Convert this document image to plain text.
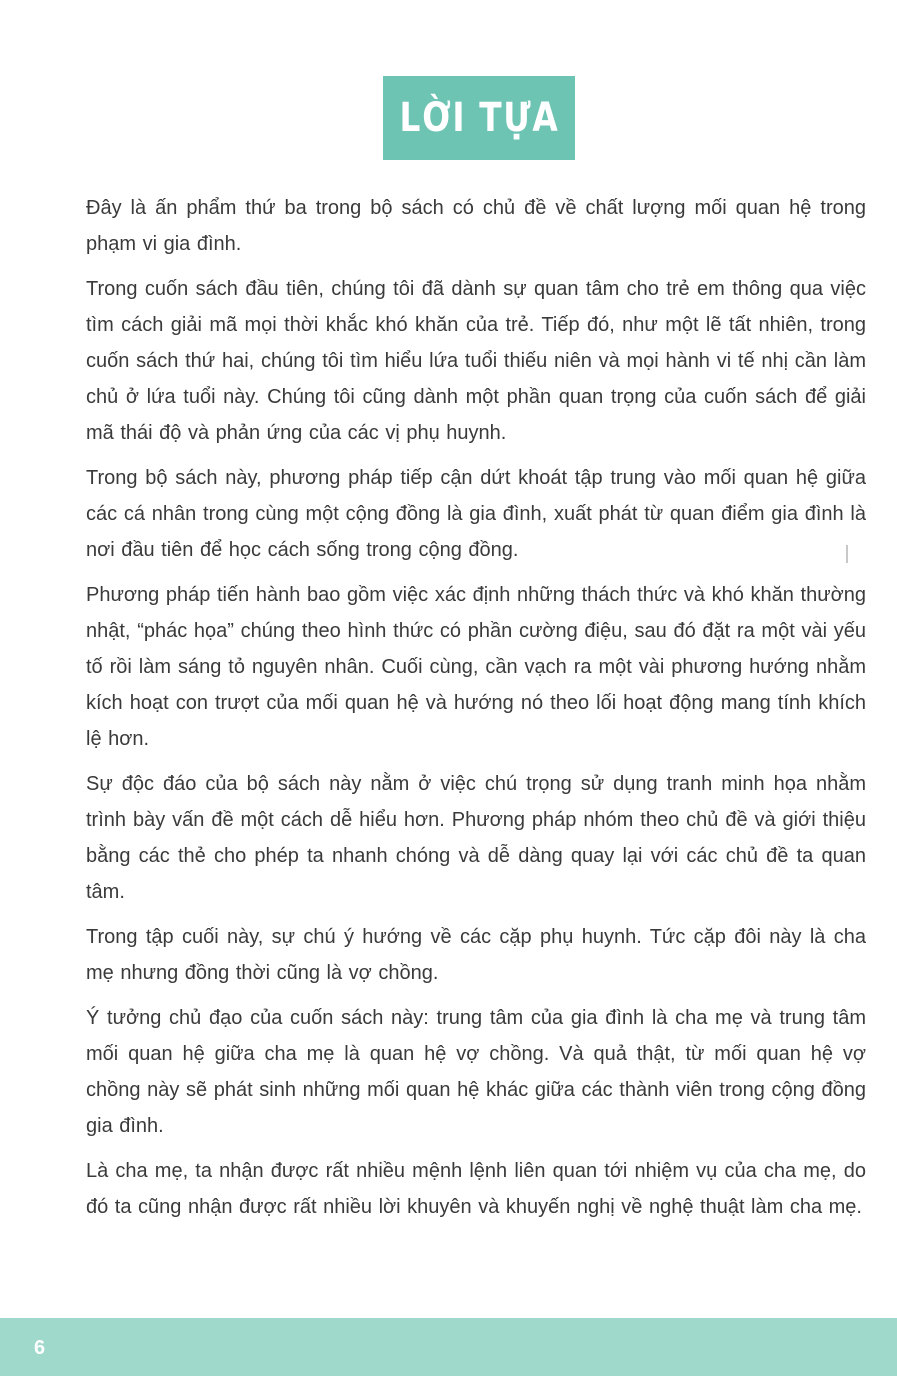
LỜI TỰA

Đây là ấn phẩm thứ ba trong bộ sách có chủ đề về chất lượng mối quan hệ trong phạm vi gia đình.

Trong cuốn sách đầu tiên, chúng tôi đã dành sự quan tâm cho trẻ em thông qua việc tìm cách giải mã mọi thời khắc khó khăn của trẻ. Tiếp đó, như một lẽ tất nhiên, trong cuốn sách thứ hai, chúng tôi tìm hiểu lứa tuổi thiếu niên và mọi hành vi tế nhị cần làm chủ ở lứa tuổi này. Chúng tôi cũng dành một phần quan trọng của cuốn sách để giải mã thái độ và phản ứng của các vị phụ huynh.

Trong bộ sách này, phương pháp tiếp cận dứt khoát tập trung vào mối quan hệ giữa các cá nhân trong cùng một cộng đồng là gia đình, xuất phát từ quan điểm gia đình là nơi đầu tiên để học cách sống trong cộng đồng.

Phương pháp tiến hành bao gồm việc xác định những thách thức và khó khăn thường nhật, “phác họa” chúng theo hình thức có phần cường điệu, sau đó đặt ra một vài yếu tố rồi làm sáng tỏ nguyên nhân. Cuối cùng, cần vạch ra một vài phương hướng nhằm kích hoạt con trượt của mối quan hệ và hướng nó theo lối hoạt động mang tính khích lệ hơn.

Sự độc đáo của bộ sách này nằm ở việc chú trọng sử dụng tranh minh họa nhằm trình bày vấn đề một cách dễ hiểu hơn. Phương pháp nhóm theo chủ đề và giới thiệu bằng các thẻ cho phép ta nhanh chóng và dễ dàng quay lại với các chủ đề ta quan tâm.

Trong tập cuối này, sự chú ý hướng về các cặp phụ huynh. Tức cặp đôi này là cha mẹ nhưng đồng thời cũng là vợ chồng.

Ý tưởng chủ đạo của cuốn sách này: trung tâm của gia đình là cha mẹ và trung tâm mối quan hệ giữa cha mẹ là quan hệ vợ chồng. Và quả thật, từ mối quan hệ vợ chồng này sẽ phát sinh những mối quan hệ khác giữa các thành viên trong cộng đồng gia đình.

Là cha mẹ, ta nhận được rất nhiều mệnh lệnh liên quan tới nhiệm vụ của cha mẹ, do đó ta cũng nhận được rất nhiều lời khuyên và khuyến nghị về nghệ thuật làm cha mẹ.

6
